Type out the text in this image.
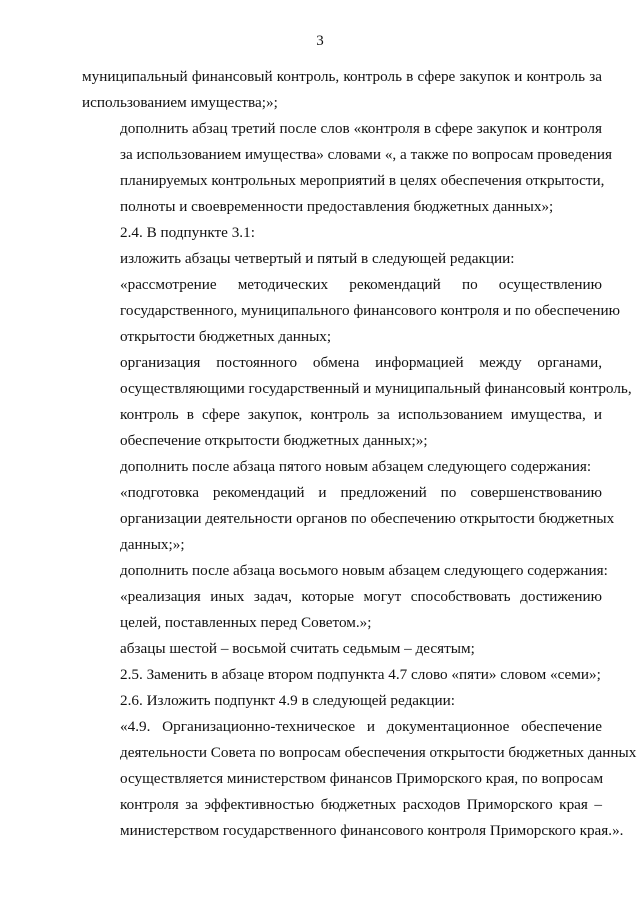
3

муниципальный финансовый контроль, контроль в сфере закупок и контроль за
использованием имущества;»;

дополнить абзац третий после слов «контроля в сфере закупок и контроля
за использованием имущества» словами «, а также по вопросам проведения
планируемых контрольных мероприятий в целях обеспечения открытости,
полноты и своевременности предоставления бюджетных данных»;

2.4. В подпункте 3.1:

изложить абзацы четвертый и пятый в следующей редакции:

«рассмотрение методических рекомендаций по осуществлению
государственного, муниципального финансового контроля и по обеспечению
открытости бюджетных данных;

организация постоянного обмена информацией между органами,
осуществляющими государственный и муниципальный финансовый контроль,
контроль в сфере закупок, контроль за использованием имущества, и
обеспечение открытости бюджетных данных;»;

дополнить после абзаца пятого новым абзацем следующего содержания:

«подготовка рекомендаций и предложений по совершенствованию
организации деятельности органов по обеспечению открытости бюджетных
данных;»;

дополнить после абзаца восьмого новым абзацем следующего содержания:

«реализация иных задач, которые могут способствовать достижению
целей, поставленных перед Советом.»;

абзацы шестой – восьмой считать седьмым – десятым;

2.5. Заменить в абзаце втором подпункта 4.7 слово «пяти» словом «семи»;

2.6. Изложить подпункт 4.9 в следующей редакции:

«4.9. Организационно-техническое и документационное обеспечение
деятельности Совета по вопросам обеспечения открытости бюджетных данных
осуществляется министерством финансов Приморского края, по вопросам
контроля за эффективностью бюджетных расходов Приморского края –
министерством государственного финансового контроля Приморского края.».
